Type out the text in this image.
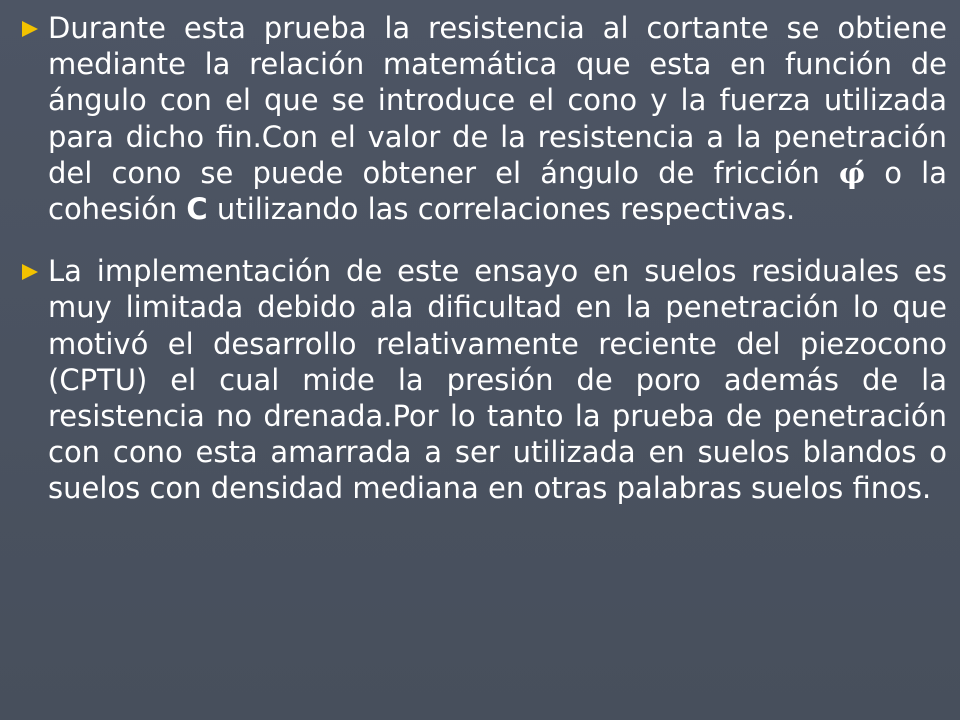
Durante esta prueba la resistencia al cortante se obtiene mediante la relación matemática que esta en función de ángulo con el que se introduce el cono y la fuerza utilizada para dicho fin.Con el valor de la resistencia a la penetración del cono se puede obtener el ángulo de fricción φ́ o la cohesión C utilizando las correlaciones respectivas.
La implementación de este ensayo en suelos residuales es muy limitada debido ala dificultad en la penetración lo que motivó el desarrollo relativamente reciente del piezocono (CPTU) el cual mide la presión de poro además de la resistencia no drenada.Por lo tanto la prueba de penetración con cono esta amarrada a ser utilizada en suelos blandos o suelos con densidad mediana en otras palabras suelos finos.
